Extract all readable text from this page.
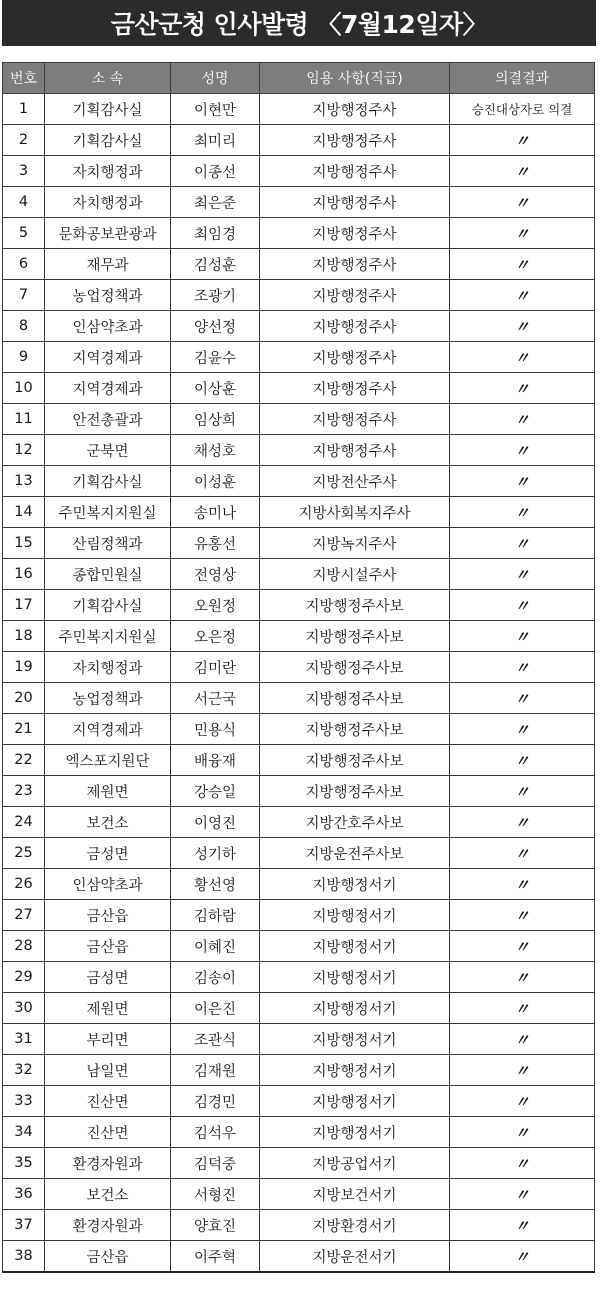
금산군청 인사발령 〈7월12일자〉
번호	소 속	성명	임용 사항(직급)	의결결과
1	기획감사실	이현만	지방행정주사	승진대상자로 의결
2	기획감사실	최미리	지방행정주사	〃
3	자치행정과	이종선	지방행정주사	〃
4	자치행정과	최은준	지방행정주사	〃
5	문화공보관광과	최임경	지방행정주사	〃
6	재무과	김성훈	지방행정주사	〃
7	농업정책과	조광기	지방행정주사	〃
8	인삼약초과	양선정	지방행정주사	〃
9	지역경제과	김윤수	지방행정주사	〃
10	지역경제과	이상훈	지방행정주사	〃
11	안전총괄과	임상희	지방행정주사	〃
12	군북면	채성호	지방행정주사	〃
13	기획감사실	이성훈	지방전산주사	〃
14	주민복지지원실	송미나	지방사회복지주사	〃
15	산림정책과	유홍선	지방녹지주사	〃
16	종합민원실	전영상	지방시설주사	〃
17	기획감사실	오원정	지방행정주사보	〃
18	주민복지지원실	오은정	지방행정주사보	〃
19	자치행정과	김미란	지방행정주사보	〃
20	농업정책과	서근국	지방행정주사보	〃
21	지역경제과	민용식	지방행정주사보	〃
22	엑스포지원단	배융재	지방행정주사보	〃
23	제원면	강승일	지방행정주사보	〃
24	보건소	이영진	지방간호주사보	〃
25	금성면	성기하	지방운전주사보	〃
26	인삼약초과	황선영	지방행정서기	〃
27	금산읍	김하람	지방행정서기	〃
28	금산읍	이혜진	지방행정서기	〃
29	금성면	김송이	지방행정서기	〃
30	제원면	이은진	지방행정서기	〃
31	부리면	조관식	지방행정서기	〃
32	남일면	김재원	지방행정서기	〃
33	진산면	김경민	지방행정서기	〃
34	진산면	김석우	지방행정서기	〃
35	환경자원과	김덕중	지방공업서기	〃
36	보건소	서형진	지방보건서기	〃
37	환경자원과	양효진	지방환경서기	〃
38	금산읍	이주혁	지방운전서기	〃
